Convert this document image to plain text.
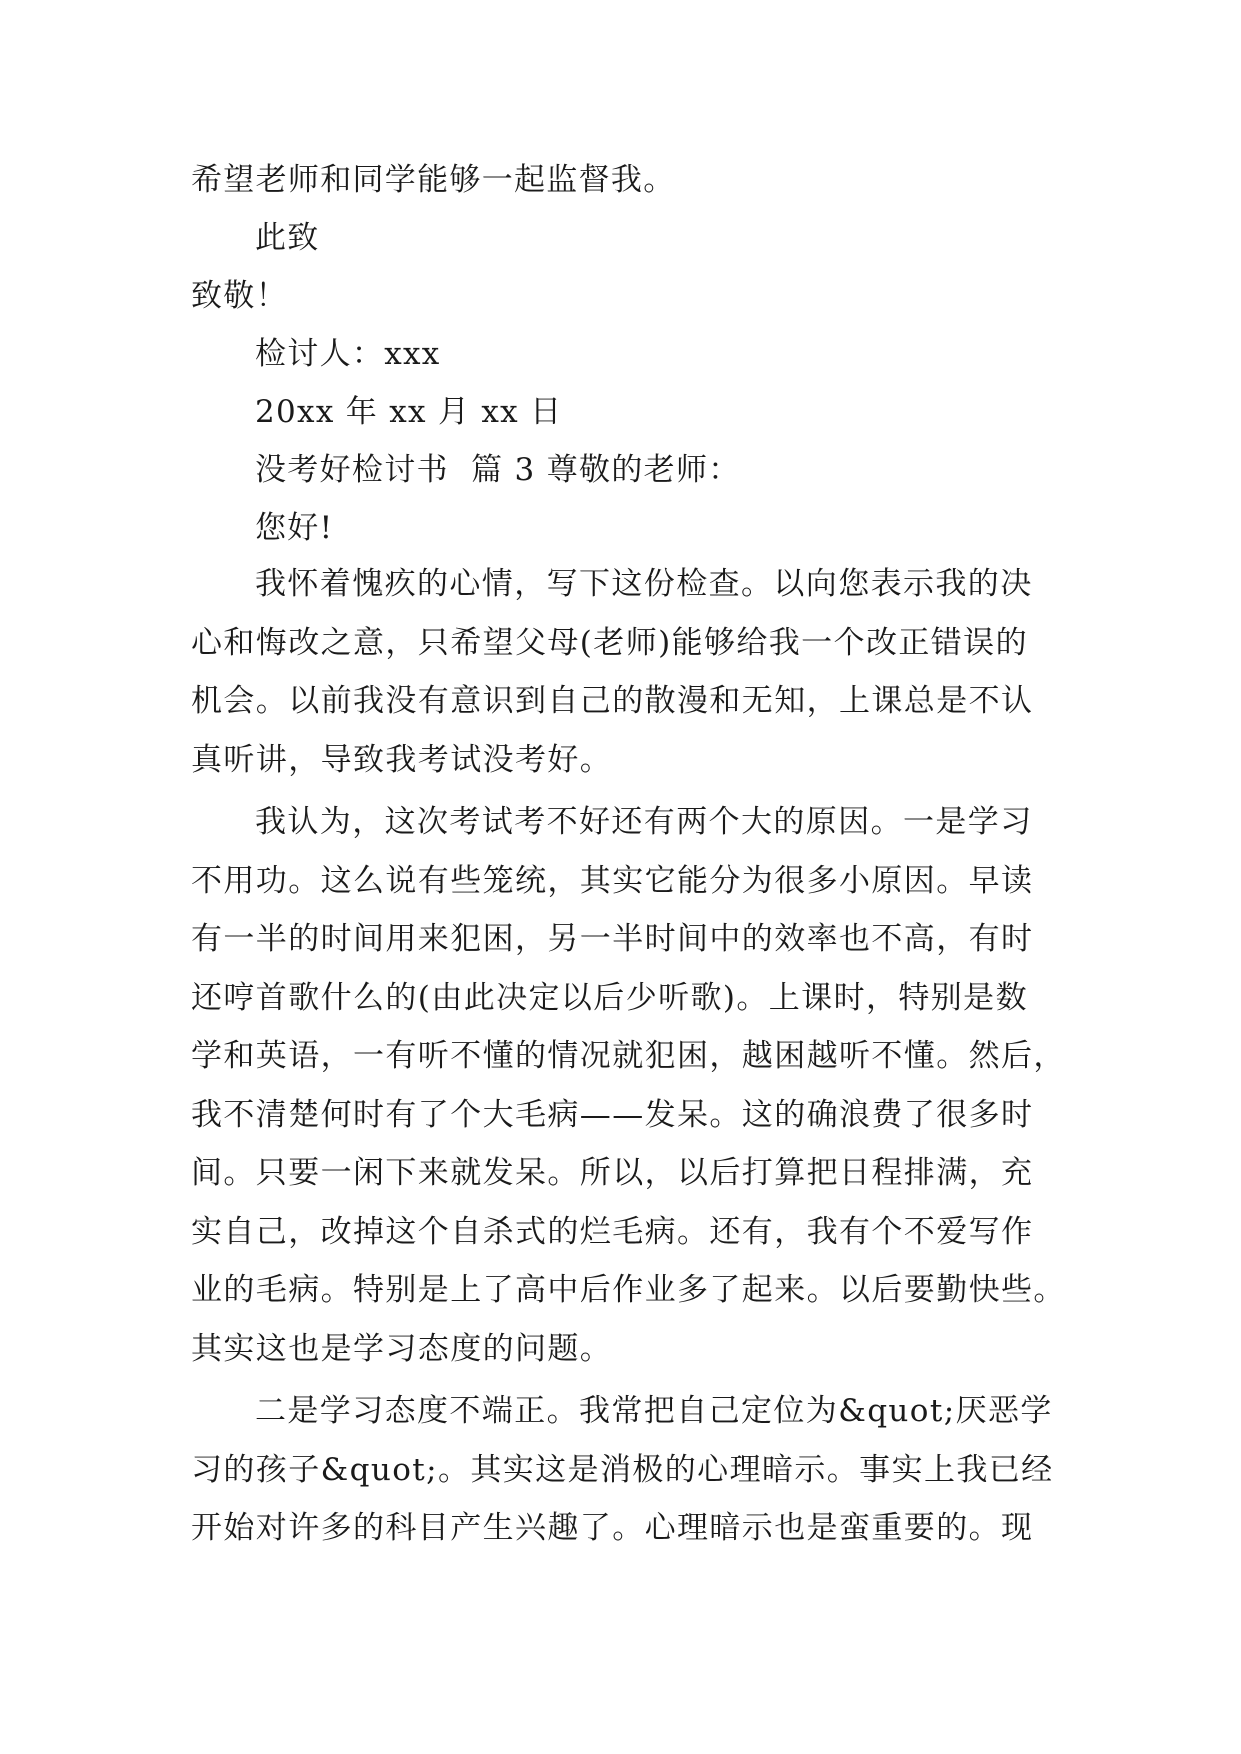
希望老师和同学能够一起监督我。

此致

致敬！

检讨人：xxx

20xx 年 xx 月 xx 日

没考好检讨书  篇 3 尊敬的老师：

您好!

我怀着愧疚的心情，写下这份检查。以向您表示我的决
心和悔改之意，只希望父母(老师)能够给我一个改正错误的
机会。以前我没有意识到自己的散漫和无知，上课总是不认
真听讲，导致我考试没考好。
我认为，这次考试考不好还有两个大的原因。一是学习
不用功。这么说有些笼统，其实它能分为很多小原因。早读
有一半的时间用来犯困，另一半时间中的效率也不高，有时
还哼首歌什么的(由此决定以后少听歌)。上课时，特别是数
学和英语，一有听不懂的情况就犯困，越困越听不懂。然后，
我不清楚何时有了个大毛病——发呆。这的确浪费了很多时
间。只要一闲下来就发呆。所以，以后打算把日程排满，充
实自己，改掉这个自杀式的烂毛病。还有，我有个不爱写作
业的毛病。特别是上了高中后作业多了起来。以后要勤快些。
其实这也是学习态度的问题。
二是学习态度不端正。我常把自己定位为&quot;厌恶学
习的孩子&quot;。其实这是消极的心理暗示。事实上我已经
开始对许多的科目产生兴趣了。心理暗示也是蛮重要的。现
